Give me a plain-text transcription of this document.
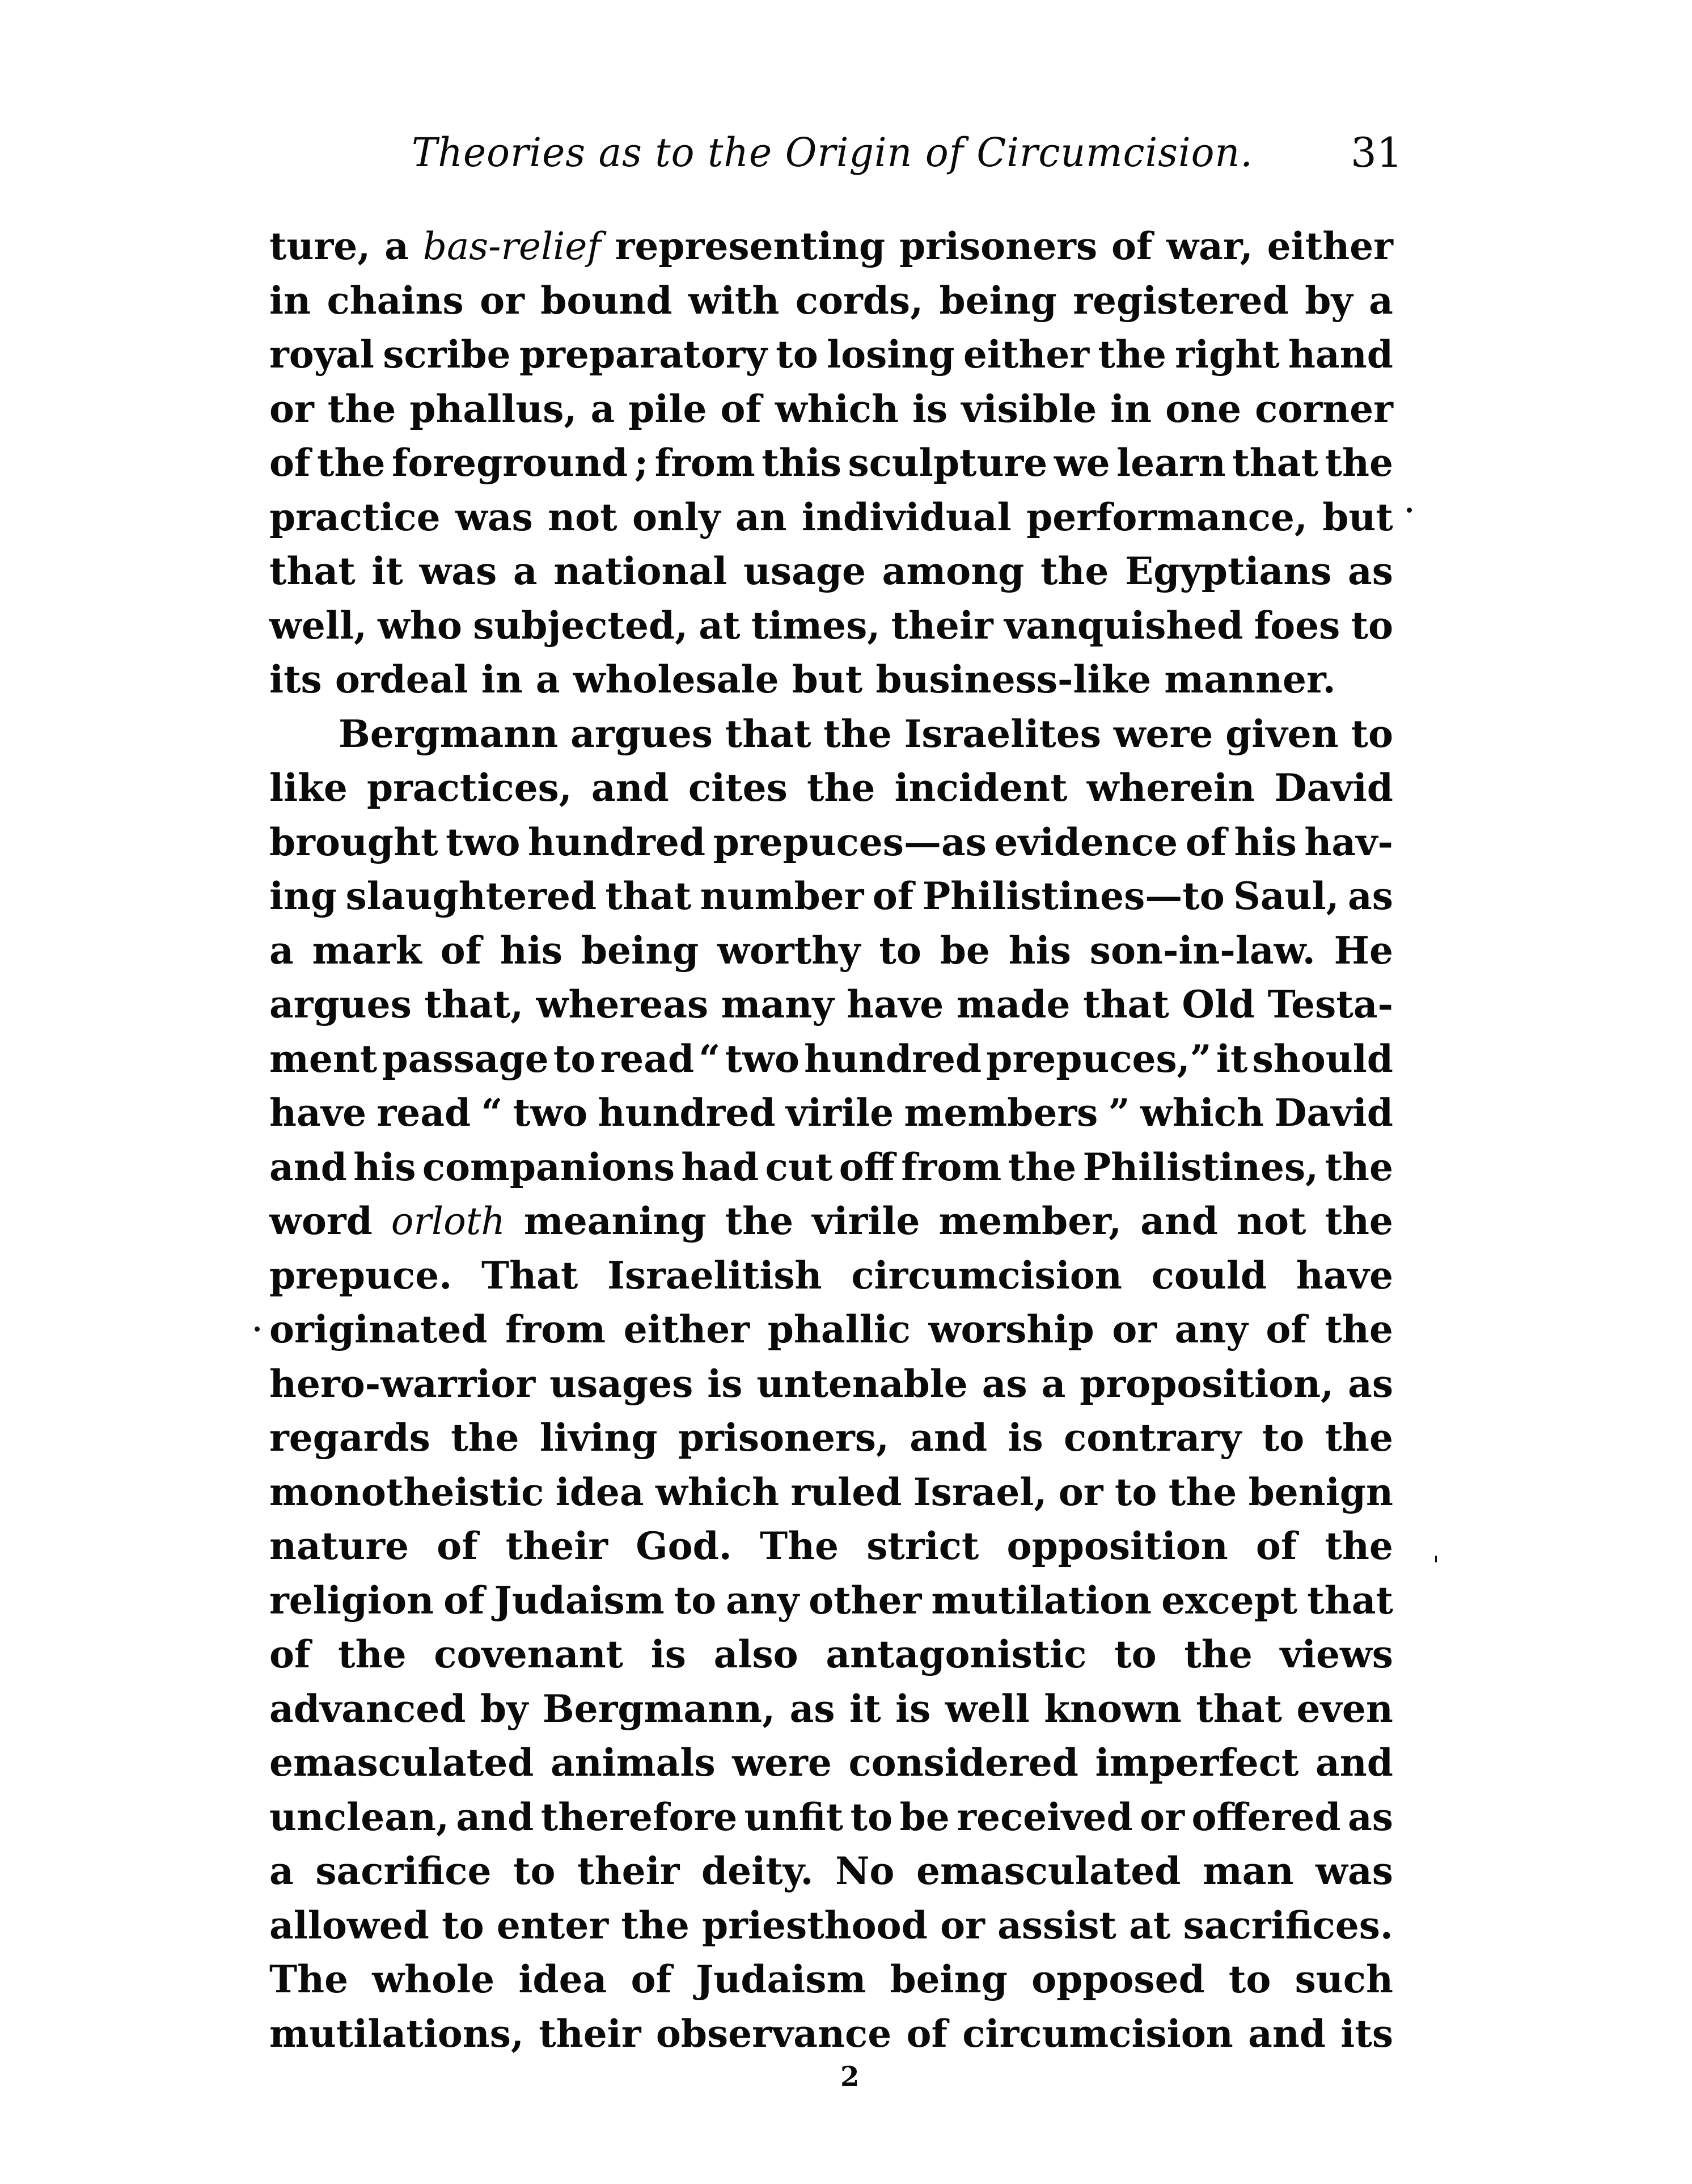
Theories as to the Origin of Circumcision. 31
ture, a bas-relief representing prisoners of war, either
in chains or bound with cords, being registered by a
royal scribe preparatory to losing either the right hand
or the phallus, a pile of which is visible in one corner
of the foreground ; from this sculpture we learn that the
practice was not only an individual performance, but
that it was a national usage among the Egyptians as
well, who subjected, at times, their vanquished foes to
its ordeal in a wholesale but business-like manner.
Bergmann argues that the Israelites were given to
like practices, and cites the incident wherein David
brought two hundred prepuces—as evidence of his hav-
ing slaughtered that number of Philistines—to Saul, as
a mark of his being worthy to be his son-in-law. He
argues that, whereas many have made that Old Testa-
ment passage to read “ two hundred prepuces,” it should
have read “ two hundred virile members ” which David
and his companions had cut off from the Philistines, the
word orloth meaning the virile member, and not the
prepuce. That Israelitish circumcision could have
originated from either phallic worship or any of the
hero-warrior usages is untenable as a proposition, as
regards the living prisoners, and is contrary to the
monotheistic idea which ruled Israel, or to the benign
nature of their God. The strict opposition of the
religion of Judaism to any other mutilation except that
of the covenant is also antagonistic to the views
advanced by Bergmann, as it is well known that even
emasculated animals were considered imperfect and
unclean, and therefore unfit to be received or offered as
a sacrifice to their deity. No emasculated man was
allowed to enter the priesthood or assist at sacrifices.
The whole idea of Judaism being opposed to such
mutilations, their observance of circumcision and its
2
